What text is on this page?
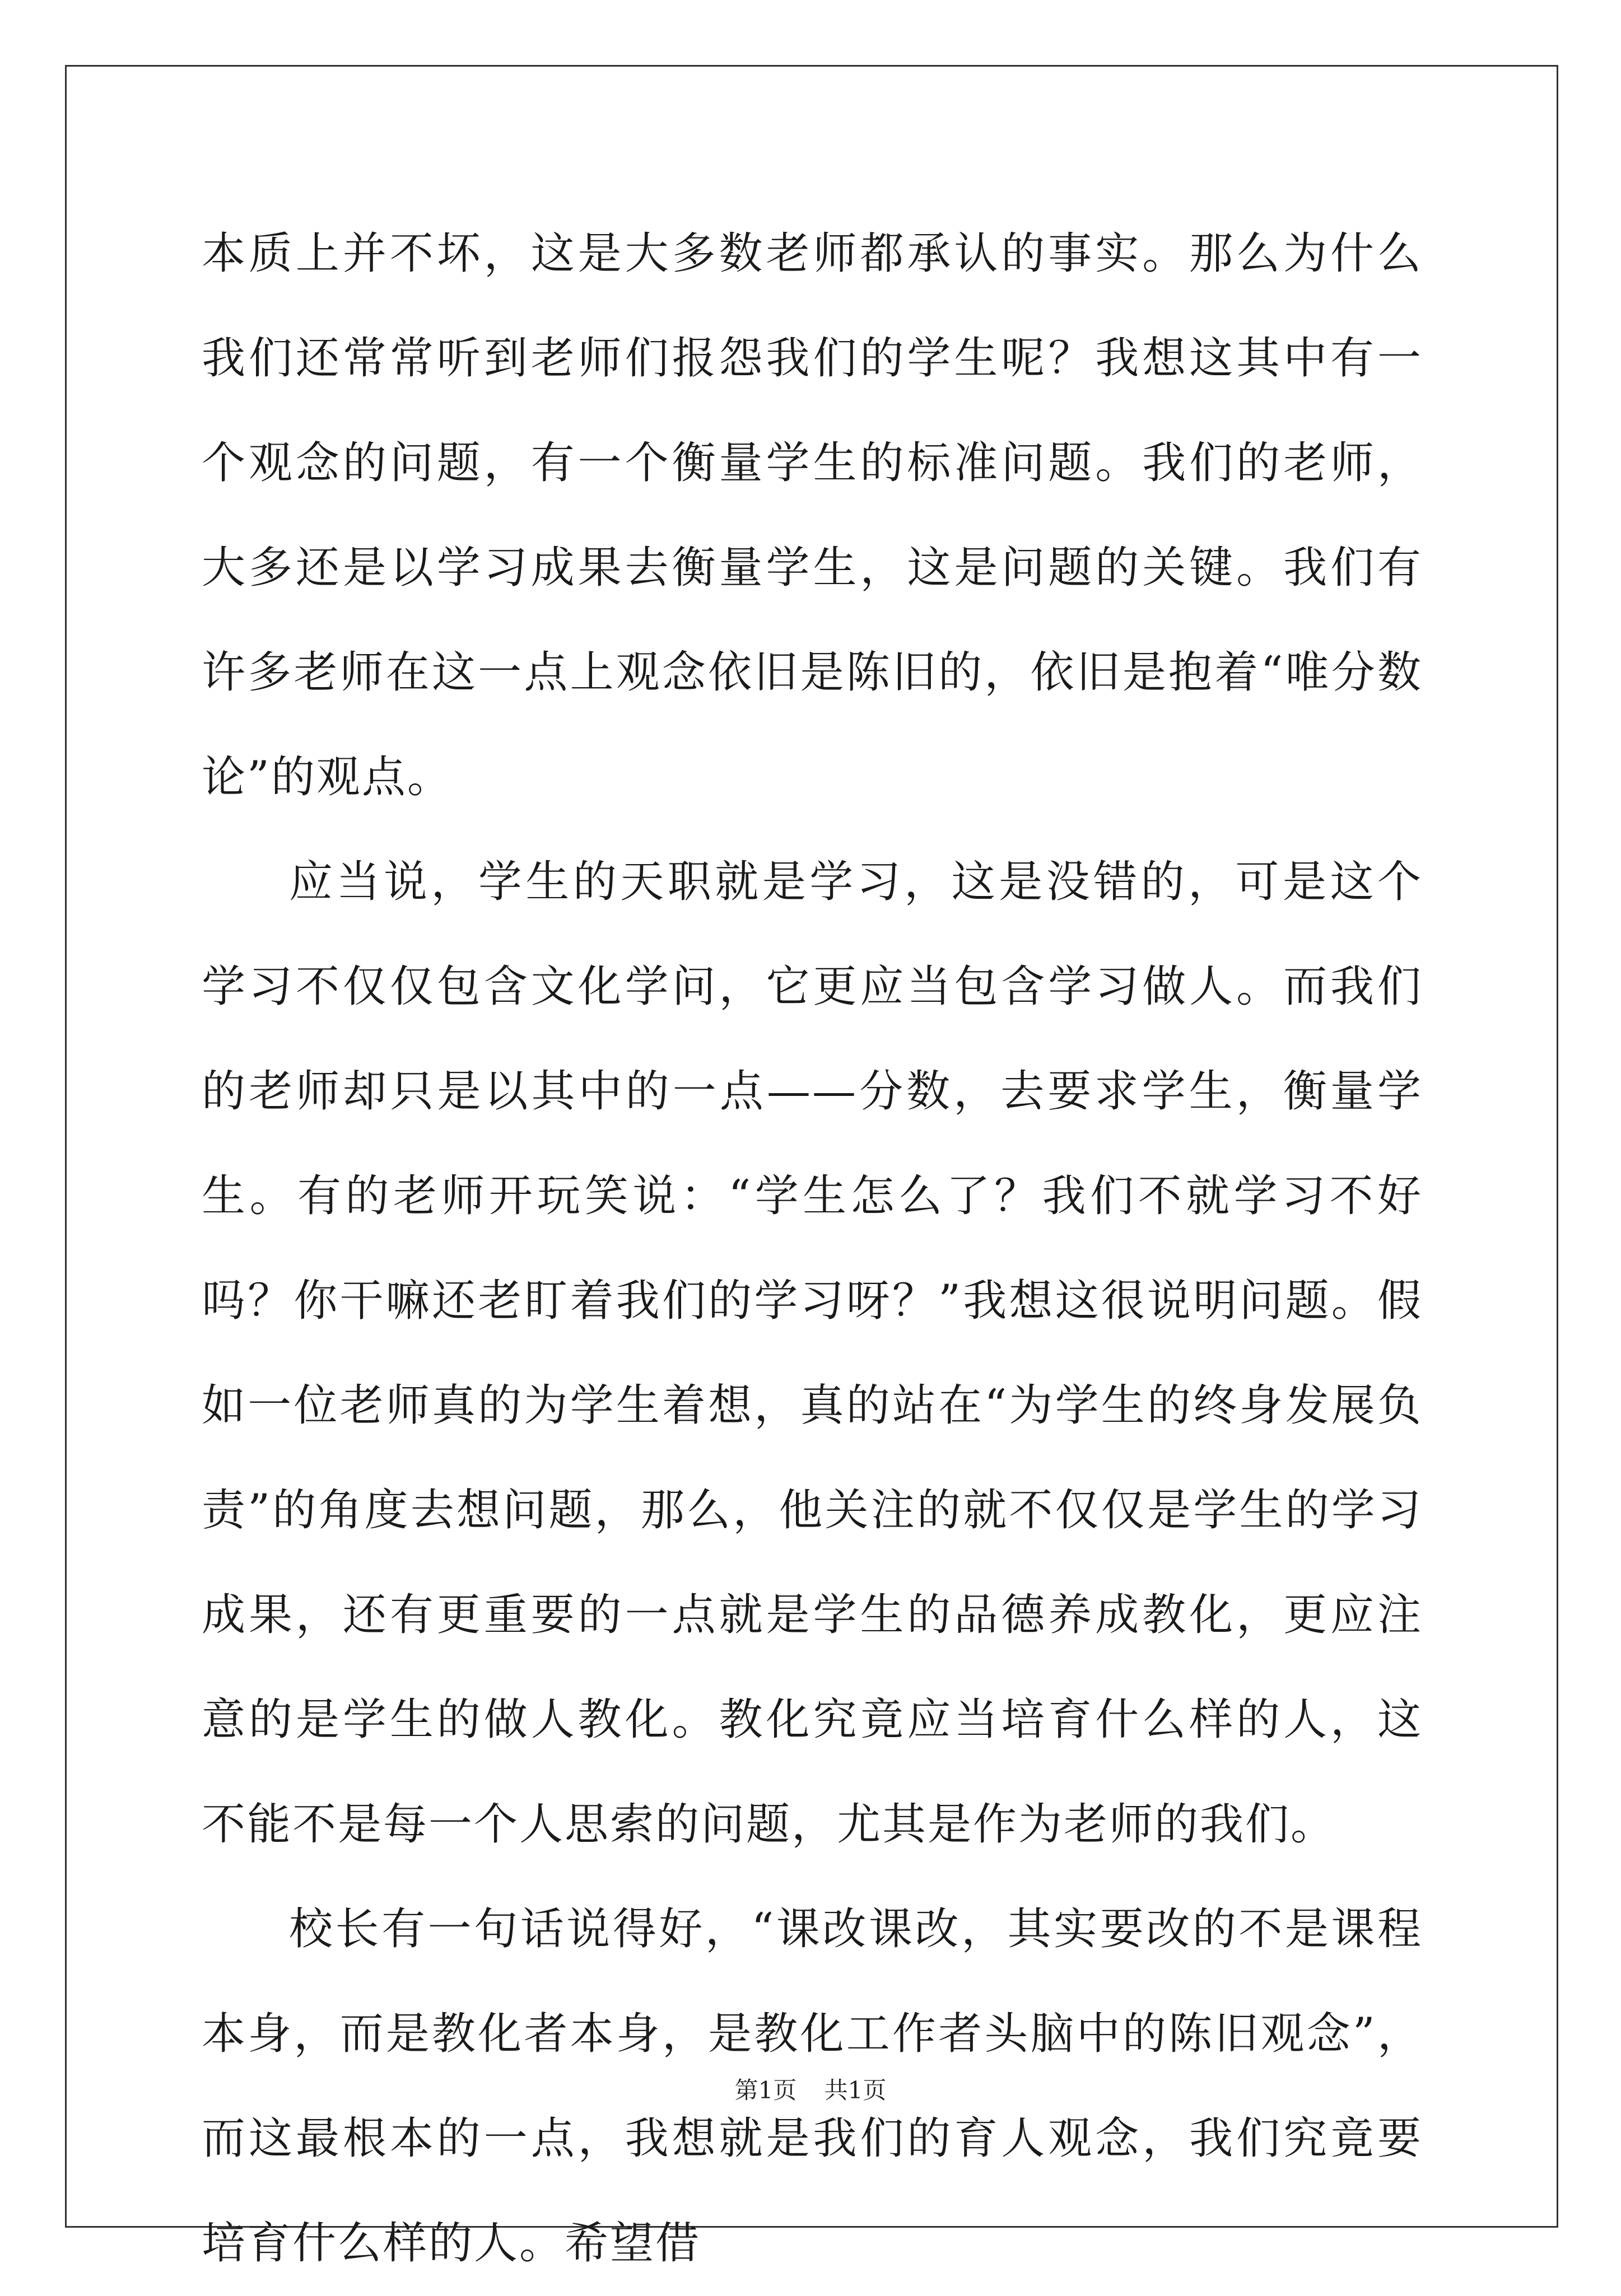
本质上并不坏，这是大多数老师都承认的事实。那么为什么我们还常常听到老师们报怨我们的学生呢？我想这其中有一个观念的问题，有一个衡量学生的标准问题。我们的老师，大多还是以学习成果去衡量学生，这是问题的关键。我们有许多老师在这一点上观念依旧是陈旧的，依旧是抱着“唯分数论”的观点。

应当说，学生的天职就是学习，这是没错的，可是这个学习不仅仅包含文化学问，它更应当包含学习做人。而我们的老师却只是以其中的一点——分数，去要求学生，衡量学生。有的老师开玩笑说：“学生怎么了？我们不就学习不好吗？你干嘛还老盯着我们的学习呀？”我想这很说明问题。假如一位老师真的为学生着想，真的站在“为学生的终身发展负责”的角度去想问题，那么，他关注的就不仅仅是学生的学习成果，还有更重要的一点就是学生的品德养成教化，更应注意的是学生的做人教化。教化究竟应当培育什么样的人，这不能不是每一个人思索的问题，尤其是作为老师的我们。

校长有一句话说得好，“课改课改，其实要改的不是课程本身，而是教化者本身，是教化工作者头脑中的陈旧观念”，而这最根本的一点，我想就是我们的育人观念，我们究竟要培育什么样的人。希望借

第1页 共1页
